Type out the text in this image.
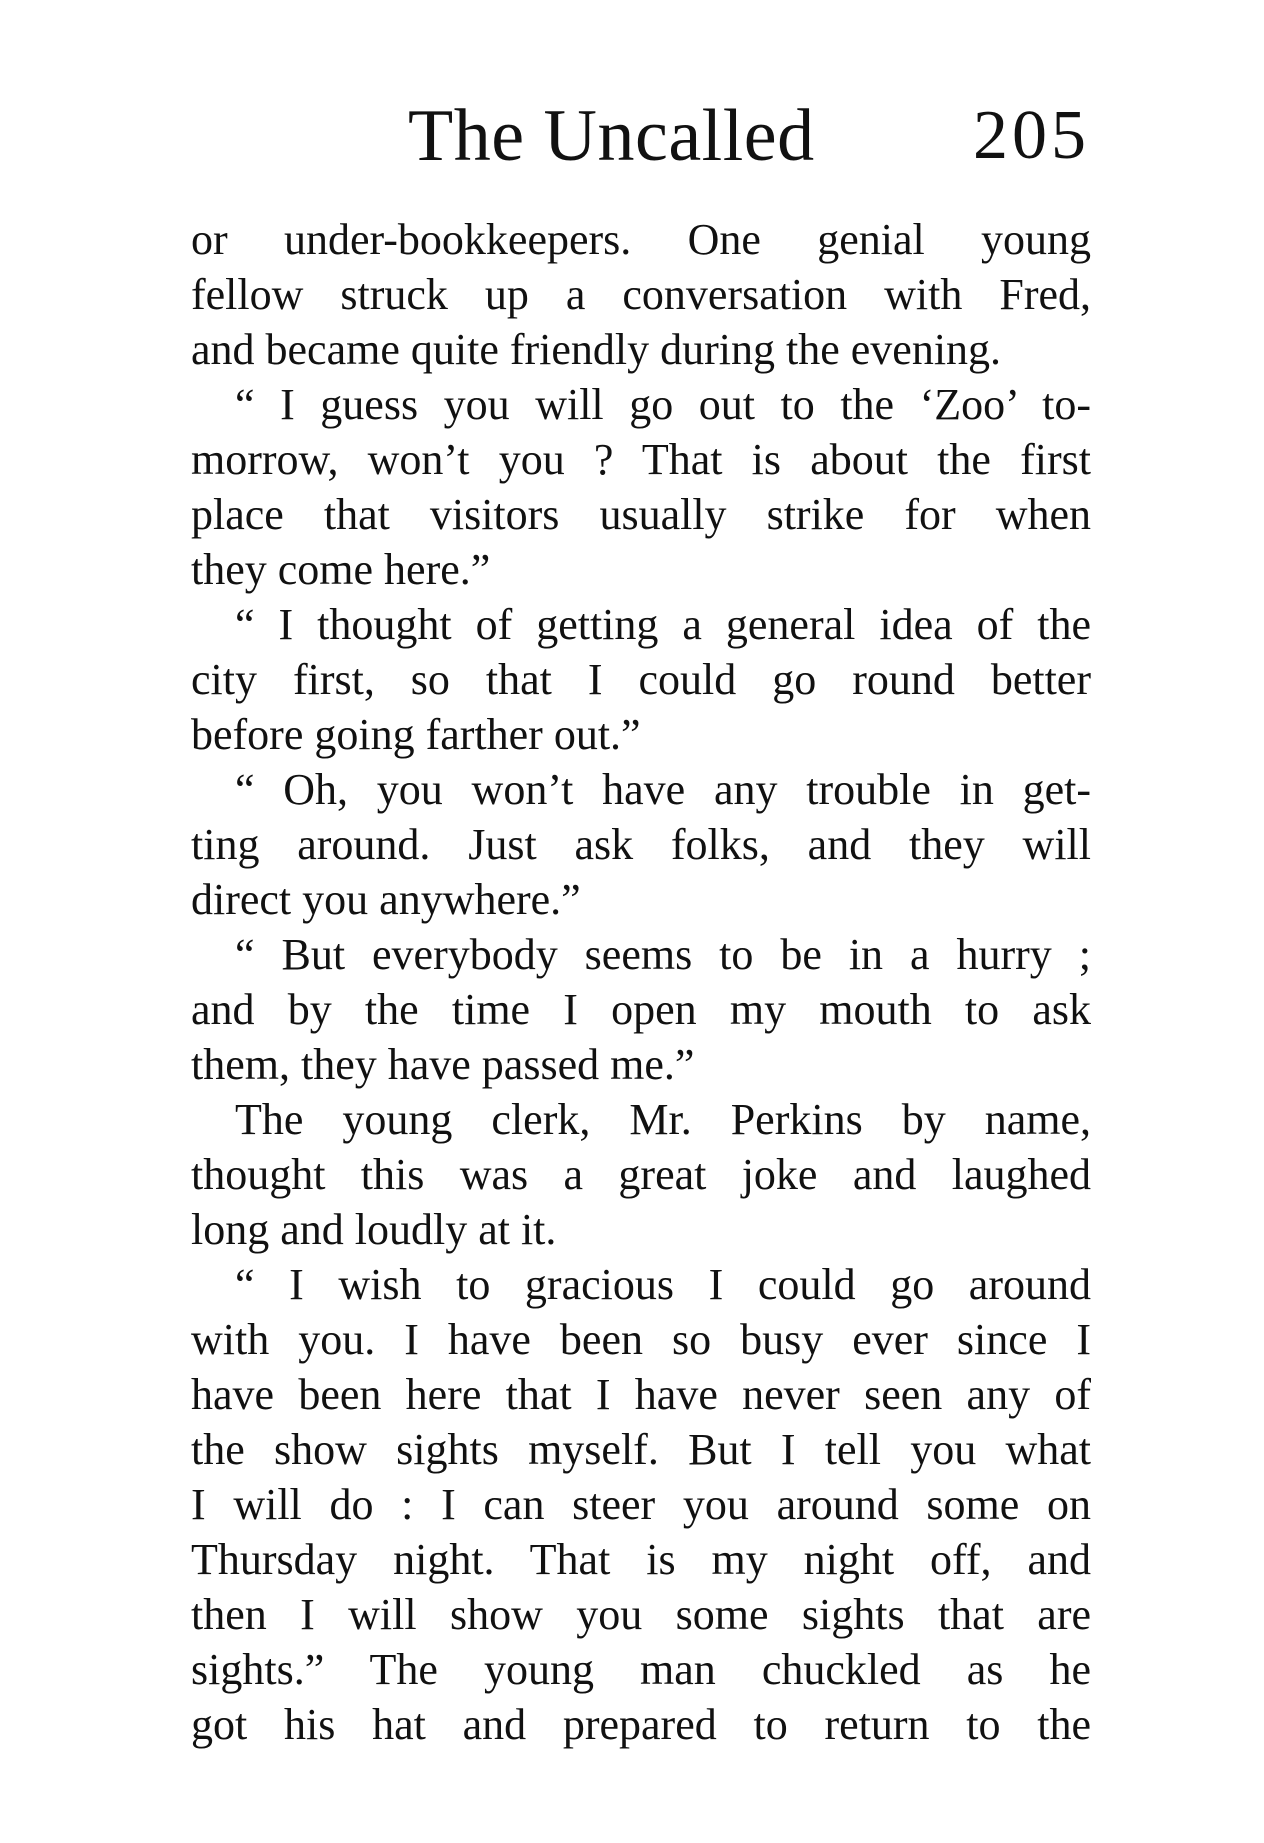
The Uncalled 205
or under-bookkeepers. One genial young
fellow struck up a conversation with Fred,
and became quite friendly during the evening.
“ I guess you will go out to the ‘Zoo’ to-
morrow, won’t you ? That is about the first
place that visitors usually strike for when
they come here.”
“ I thought of getting a general idea of the
city first, so that I could go round better
before going farther out.”
“ Oh, you won’t have any trouble in get-
ting around. Just ask folks, and they will
direct you anywhere.”
“ But everybody seems to be in a hurry ;
and by the time I open my mouth to ask
them, they have passed me.”
The young clerk, Mr. Perkins by name,
thought this was a great joke and laughed
long and loudly at it.
“ I wish to gracious I could go around
with you. I have been so busy ever since I
have been here that I have never seen any of
the show sights myself. But I tell you what
I will do : I can steer you around some on
Thursday night. That is my night off, and
then I will show you some sights that are
sights.” The young man chuckled as he
got his hat and prepared to return to the
